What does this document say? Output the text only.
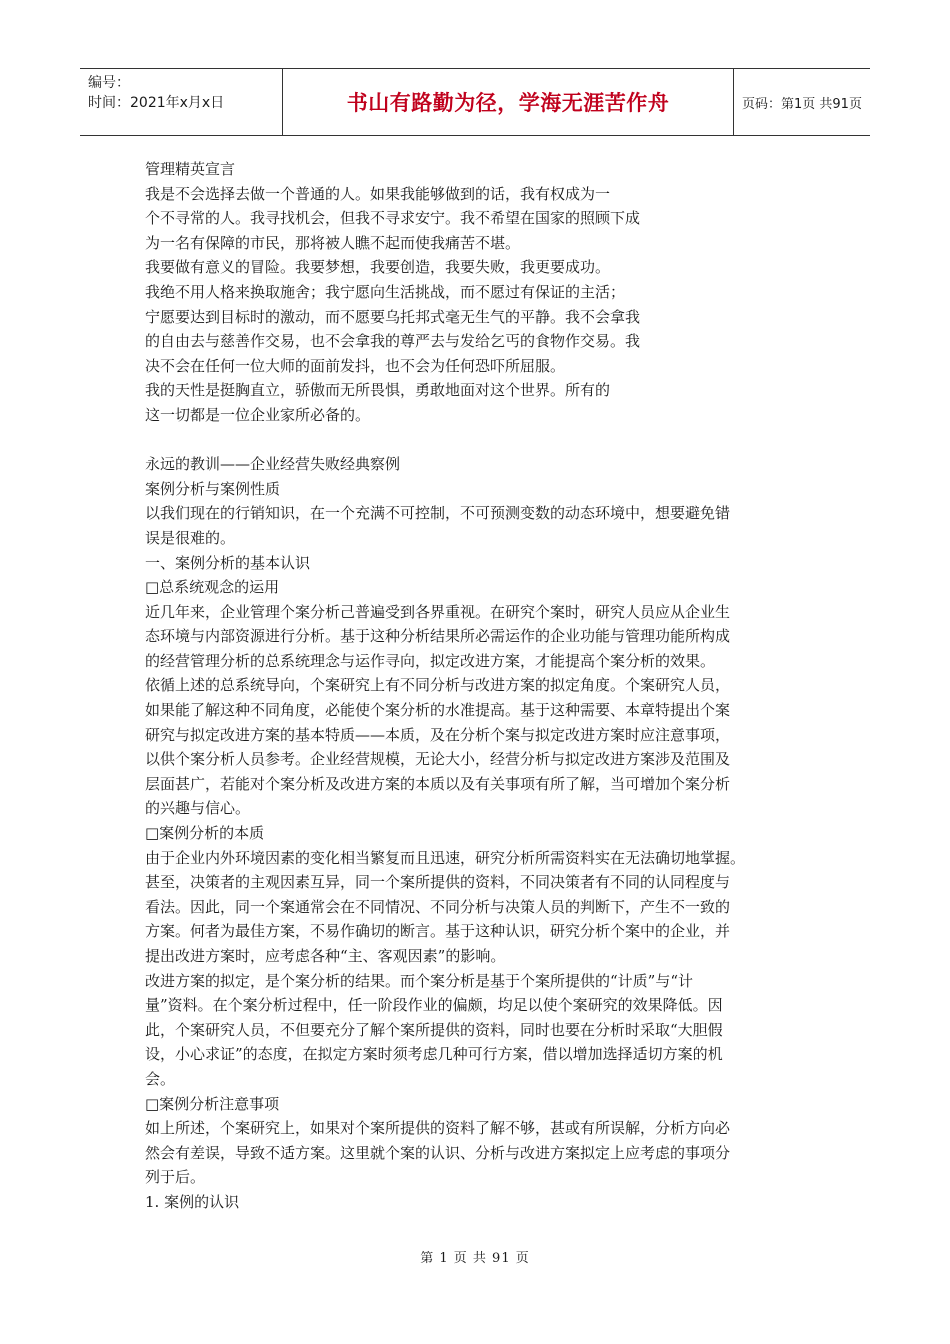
编号：
时间：2021年x月x日	书山有路勤为径，学海无涯苦作舟	页码：第1页 共91页
管理精英宣言
我是不会选择去做一个普通的人。如果我能够做到的话，我有权成为一
个不寻常的人。我寻找机会，但我不寻求安宁。我不希望在国家的照顾下成
为一名有保障的市民，那将被人瞧不起而使我痛苦不堪。
我要做有意义的冒险。我要梦想，我要创造，我要失败，我更要成功。
我绝不用人格来换取施舍；我宁愿向生活挑战，而不愿过有保证的主活；
宁愿要达到目标时的激动，而不愿要乌托邦式毫无生气的平静。我不会拿我
的自由去与慈善作交易，也不会拿我的尊严去与发给乞丐的食物作交易。我
决不会在任何一位大师的面前发抖，也不会为任何恐吓所屈服。
我的天性是挺胸直立，骄傲而无所畏惧，勇敢地面对这个世界。所有的
这一切都是一位企业家所必备的。
永远的教训——企业经营失败经典察例
案例分析与案例性质
以我们现在的行销知识，在一个充满不可控制，不可预测变数的动态环境中，想要避免错
误是很难的。
一、案例分析的基本认识
□总系统观念的运用
近几年来，企业管理个案分析己普遍受到各界重视。在研究个案时，研究人员应从企业生
态环境与内部资源进行分析。基于这种分析结果所必需运作的企业功能与管理功能所构成
的经营管理分析的总系统理念与运作寻向，拟定改进方案，才能提高个案分析的效果。
依循上述的总系统导向，个案研究上有不同分析与改进方案的拟定角度。个案研究人员，
如果能了解这种不同角度，必能使个案分析的水准提高。基于这种需要、本章特提出个案
研究与拟定改进方案的基本特质——本质，及在分析个案与拟定改进方案时应注意事项，
以供个案分析人员参考。企业经营规模，无论大小，经营分析与拟定改进方案涉及范围及
层面甚广，若能对个案分析及改进方案的本质以及有关事项有所了解，当可增加个案分析
的兴趣与信心。
□案例分析的本质
由于企业内外环境因素的变化相当繁复而且迅速，研究分析所需资料实在无法确切地掌握。
甚至，决策者的主观因素互异，同一个案所提供的资料，不同决策者有不同的认同程度与
看法。因此，同一个案通常会在不同情况、不同分析与决策人员的判断下，产生不一致的
方案。何者为最佳方案，不易作确切的断言。基于这种认识，研究分析个案中的企业，并
提出改进方案时，应考虑各种“主、客观因素”的影响。
改进方案的拟定，是个案分析的结果。而个案分析是基于个案所提供的“计质”与“计
量”资料。在个案分析过程中，任一阶段作业的偏颇，均足以使个案研究的效果降低。因
此，个案研究人员，不但要充分了解个案所提供的资料，同时也要在分析时采取“大胆假
设，小心求证”的态度，在拟定方案时须考虑几种可行方案，借以增加选择适切方案的机
会。
□案例分析注意事项
如上所述，个案研究上，如果对个案所提供的资料了解不够，甚或有所误解，分析方向必
然会有差误，导致不适方案。这里就个案的认识、分析与改进方案拟定上应考虑的事项分
列于后。
1. 案例的认识
第 1 页 共 91 页
